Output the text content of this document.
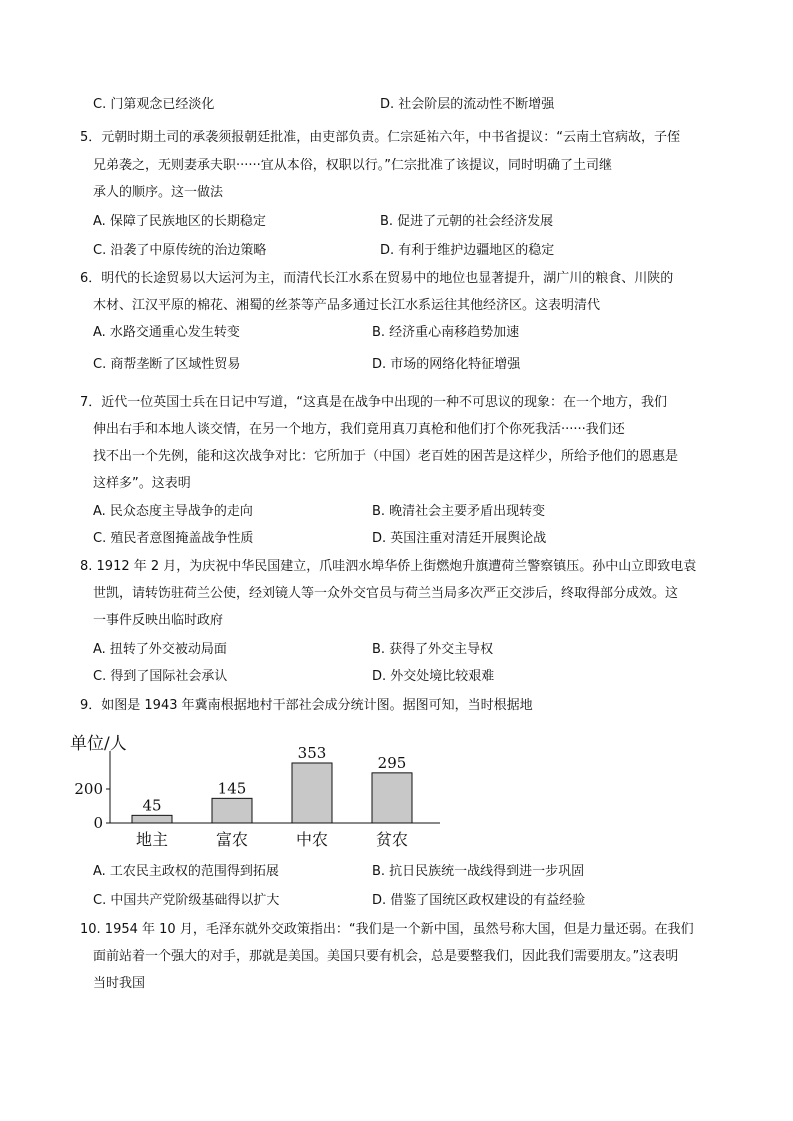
C. 门第观念已经淡化	D. 社会阶层的流动性不断增强
5．元朝时期土司的承袭须报朝廷批准，由吏部负责。仁宗延祐六年，中书省提议：“云南土官病故，子侄
兄弟袭之，无则妻承夫职······宜从本俗，权职以行。”仁宗批准了该提议，同时明确了土司继
承人的顺序。这一做法
A. 保障了民族地区的长期稳定	B. 促进了元朝的社会经济发展
C. 沿袭了中原传统的治边策略	D. 有利于维护边疆地区的稳定
6．明代的长途贸易以大运河为主，而清代长江水系在贸易中的地位也显著提升，湖广川的粮食、川陕的
木材、江汉平原的棉花、湘蜀的丝茶等产品多通过长江水系运往其他经济区。这表明清代
A. 水路交通重心发生转变	B. 经济重心南移趋势加速
C. 商帮垄断了区域性贸易	D. 市场的网络化特征增强
7．近代一位英国士兵在日记中写道，“这真是在战争中出现的一种不可思议的现象：在一个地方，我们
伸出右手和本地人谈交情，在另一个地方，我们竟用真刀真枪和他们打个你死我活······我们还
找不出一个先例，能和这次战争对比：它所加于（中国）老百姓的困苦是这样少，所给予他们的恩惠是
这样多”。这表明
A. 民众态度主导战争的走向	B. 晚清社会主要矛盾出现转变
C. 殖民者意图掩盖战争性质	D. 英国注重对清廷开展舆论战
8. 1912 年 2 月，为庆祝中华民国建立，爪哇泗水埠华侨上街燃炮升旗遭荷兰警察镇压。孙中山立即致电袁
世凯，请转饬驻荷兰公使，经刘镜人等一众外交官员与荷兰当局多次严正交涉后，终取得部分成效。这
一事件反映出临时政府
A. 扭转了外交被动局面	B. 获得了外交主导权
C. 得到了国际社会承认	D. 外交处境比较艰难
9．如图是 1943 年冀南根据地村干部社会成分统计图。据图可知，当时根据地
单位/人
0
200
45
地主
145
富农
353
中农
295
贫农
A. 工农民主政权的范围得到拓展	B. 抗日民族统一战线得到进一步巩固
C. 中国共产党阶级基础得以扩大	D. 借鉴了国统区政权建设的有益经验
10. 1954 年 10 月，毛泽东就外交政策指出：“我们是一个新中国，虽然号称大国，但是力量还弱。在我们
面前站着一个强大的对手，那就是美国。美国只要有机会，总是要整我们，因此我们需要朋友。”这表明
当时我国
